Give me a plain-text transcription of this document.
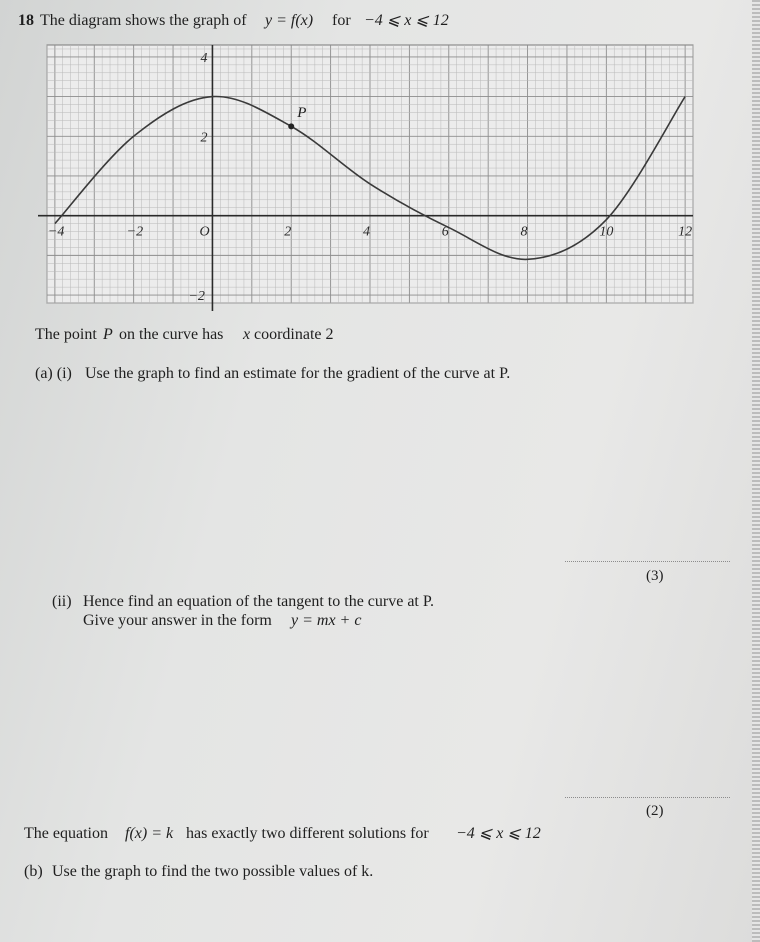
18 The diagram shows the graph of y = f(x) for −4 ⩽ x ⩽ 12
−4	−2	O	2	4	6	8	10	12
4
2
−2
P
The point P on the curve has x coordinate 2
(a) (i) Use the graph to find an estimate for the gradient of the curve at P.
(3)
(ii) Hence find an equation of the tangent to the curve at P.
Give your answer in the form y = mx + c
(2)
The equation f(x) = k has exactly two different solutions for −4 ⩽ x ⩽ 12
(b) Use the graph to find the two possible values of k.
